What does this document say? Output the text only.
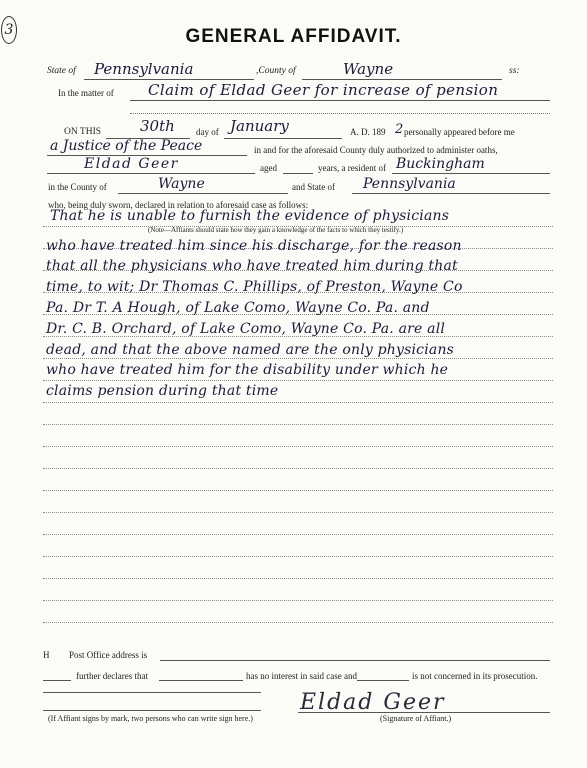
3	GENERAL AFFIDAVIT.
State of Pennsylvania	,County of	Wayne	ss:
In the matter of Claim of Eldad Geer for increase of pension
ON THIS	30th day of January	A. D. 189 2 personally appeared before me
a Justice of the Peace	in and for the aforesaid County duly authorized to administer oaths,
Eldad Geer	aged	years, a resident of Buckingham
in the County of	Wayne	and State of Pennsylvania
who, being duly sworn, declared in relation to aforesaid case as follows:
That he is unable to furnish the evidence of physicians
(Note—Affiants should state how they gain a knowledge of the facts to which they testify.)
who have treated him since his discharge, for the reason
that all the physicians who have treated him during that
time, to wit; Dr Thomas C. Phillips, of Preston, Wayne Co
Pa. Dr T. A Hough, of Lake Como, Wayne Co. Pa. and
Dr. C. B. Orchard, of Lake Como, Wayne Co. Pa. are all
dead, and that the above named are the only physicians
who have treated him for the disability under which he
claims pension during that time
H Post Office address is
further declares that	has no interest in said case and	is not concerned in its prosecution.
(If Affiant signs by mark, two persons who can write sign here.)
Eldad Geer
(Signature of Affiant.)
